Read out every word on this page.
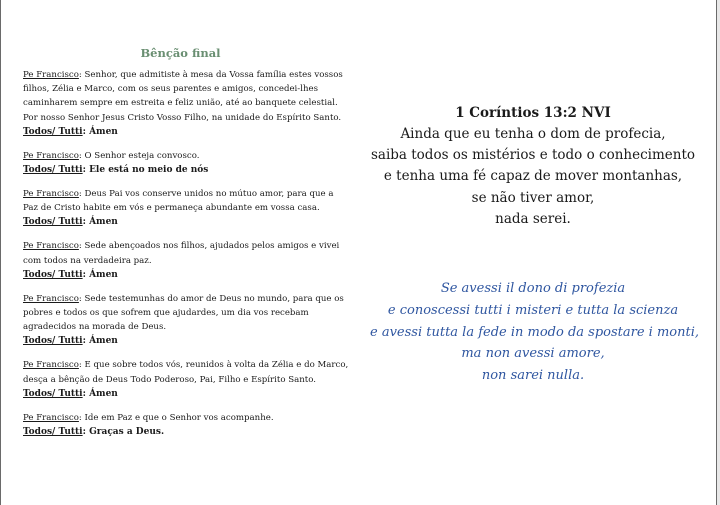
Bênção final
Pe Francisco: Senhor, que admitiste à mesa da Vossa família estes vossos
filhos, Zélia e Marco, com os seus parentes e amigos, concedei-lhes
caminharem sempre em estreita e feliz união, até ao banquete celestial.
Por nosso Senhor Jesus Cristo Vosso Filho, na unidade do Espírito Santo.
Todos/ Tutti: Ámen
Pe Francisco: O Senhor esteja convosco.
Todos/ Tutti: Ele está no meio de nós
Pe Francisco: Deus Pai vos conserve unidos no mútuo amor, para que a
Paz de Cristo habite em vós e permaneça abundante em vossa casa.
Todos/ Tutti: Ámen
Pe Francisco: Sede abençoados nos filhos, ajudados pelos amigos e vivei
com todos na verdadeira paz.
Todos/ Tutti: Ámen
Pe Francisco: Sede testemunhas do amor de Deus no mundo, para que os
pobres e todos os que sofrem que ajudardes, um dia vos recebam
agradecidos na morada de Deus.
Todos/ Tutti: Ámen
Pe Francisco: E que sobre todos vós, reunidos à volta da Zélia e do Marco,
desça a bênção de Deus Todo Poderoso, Pai, Filho e Espírito Santo.
Todos/ Tutti: Ámen
Pe Francisco: Ide em Paz e que o Senhor vos acompanhe.
Todos/ Tutti: Graças a Deus.
1 Coríntios 13:2 NVI
Ainda que eu tenha o dom de profecia,
saiba todos os mistérios e todo o conhecimento
e tenha uma fé capaz de mover montanhas,
se não tiver amor,
nada serei.
Se avessi il dono di profezia
e conoscessi tutti i misteri e tutta la scienza
e avessi tutta la fede in modo da spostare i monti,
ma non avessi amore,
non sarei nulla.
